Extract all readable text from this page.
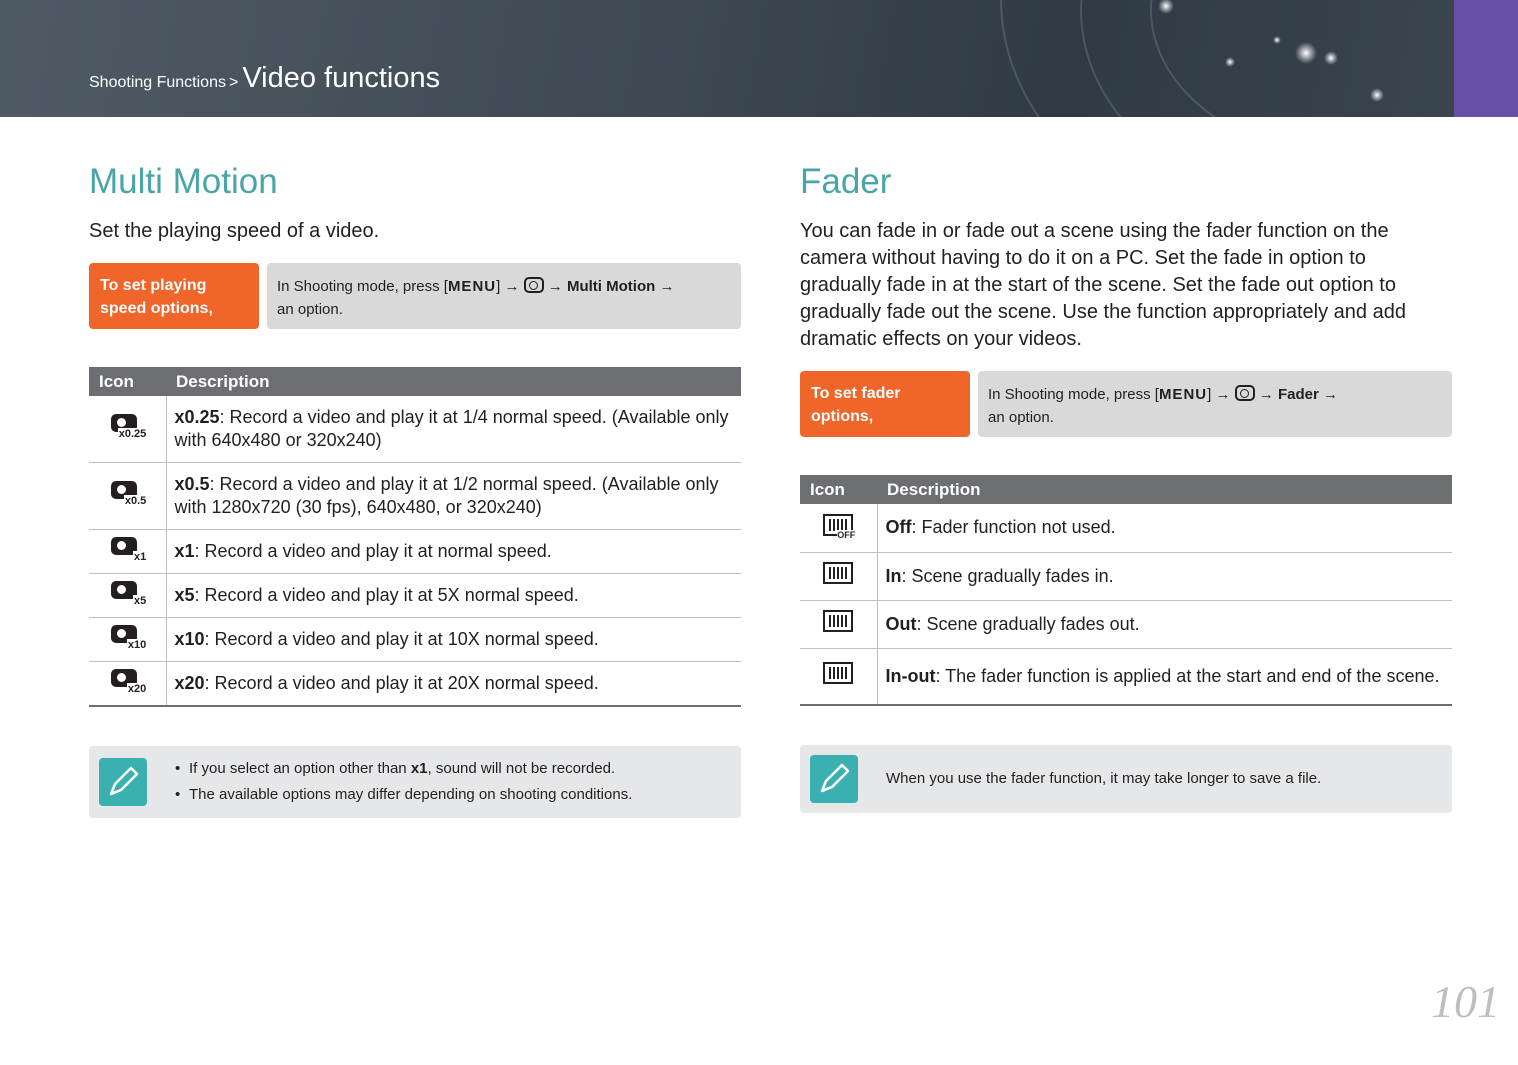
Shooting Functions > Video functions
Multi Motion

Set the playing speed of a video.

To set playing speed options,
In Shooting mode, press [MENU] → → Multi Motion →
an option.
Icon	Description

x0.25	x0.25: Record a video and play it at 1/4 normal speed. (Available only with 640x480 or 320x240)

x0.5	x0.5: Record a video and play it at 1/2 normal speed. (Available only with 1280x720 (30 fps), 640x480, or 320x240)

x1	x1: Record a video and play it at normal speed.

x5	x5: Record a video and play it at 5X normal speed.

x10	x10: Record a video and play it at 10X normal speed.

x20	x20: Record a video and play it at 20X normal speed.
• If you select an option other than x1, sound will not be recorded.
• The available options may differ depending on shooting conditions.
Fader

You can fade in or fade out a scene using the fader function on the camera without having to do it on a PC. Set the fade in option to gradually fade in at the start of the scene. Set the fade out option to gradually fade out the scene. Use the function appropriately and add dramatic effects on your videos.

To set fader options,
In Shooting mode, press [MENU] → → Fader →
an option.
Icon	Description

OFF	Off: Fader function not used.
	In: Scene gradually fades in.
	Out: Scene gradually fades out.
	In-out: The fader function is applied at the start and end of the scene.
When you use the fader function, it may take longer to save a file.
101
